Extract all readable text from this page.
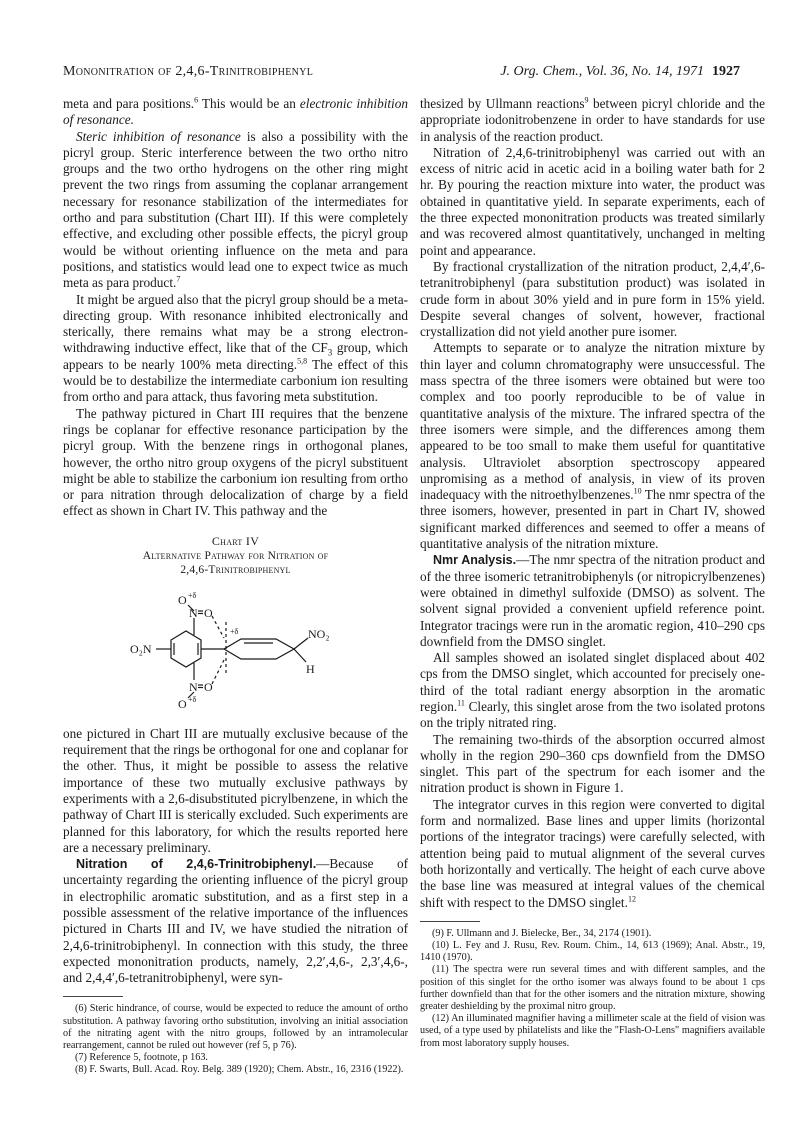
Mononitration of 2,4,6-Trinitrobiphenyl	J. Org. Chem., Vol. 36, No. 14, 1971 1927

meta and para positions.$^6$ This would be an electronic inhibition of resonance.

Steric inhibition of resonance is also a possibility with the picryl group. Steric interference between the two ortho nitro groups and the two ortho hydrogens on the other ring might prevent the two rings from assuming the coplanar arrangement necessary for resonance stabilization of the intermediates for ortho and para substitution (Chart III). If this were completely effective, and excluding other possible effects, the picryl group would be without orienting influence on the meta and para positions, and statistics would lead one to expect twice as much meta as para product.$^7$

It might be argued also that the picryl group should be a meta-directing group. With resonance inhibited electronically and sterically, there remains what may be a strong electron-withdrawing inductive effect, like that of the $CF_3$ group, which appears to be nearly 100% meta directing.$^{5,8}$ The effect of this would be to destabilize the intermediate carbonium ion resulting from ortho and para attack, thus favoring meta substitution.

The pathway pictured in Chart III requires that the benzene rings be coplanar for effective resonance participation by the picryl group. With the benzene rings in orthogonal planes, however, the ortho nitro group oxygens of the picryl substituent might be able to stabilize the carbonium ion resulting from ortho or para nitration through delocalization of charge by a field effect as shown in Chart IV. This pathway and the

Chart IV
Alternative Pathway for Nitration of
2,4,6-Trinitrobiphenyl
O +δ
N O
+δ
O₂N
NO₂
H
N O
O +δ

one pictured in Chart III are mutually exclusive because of the requirement that the rings be orthogonal for one and coplanar for the other. Thus, it might be possible to assess the relative importance of these two mutually exclusive pathways by experiments with a 2,6-disubstituted picrylbenzene, in which the pathway of Chart III is sterically excluded. Such experiments are planned for this laboratory, for which the results reported here are a necessary preliminary.

Nitration of 2,4,6-Trinitrobiphenyl.—Because of uncertainty regarding the orienting influence of the picryl group in electrophilic aromatic substitution, and as a first step in a possible assessment of the relative importance of the influences pictured in Charts III and IV, we have studied the nitration of 2,4,6-trinitrobiphenyl. In connection with this study, the three expected mononitration products, namely, 2,2′,4,6-, 2,3′,4,6-, and 2,4,4′,6-tetranitrobiphenyl, were syn-

(6) Steric hindrance, of course, would be expected to reduce the amount of ortho substitution. A pathway favoring ortho substitution, involving an initial association of the nitrating agent with the nitro groups, followed by an intramolecular rearrangement, cannot be ruled out however (ref 5, p 76).

(7) Reference 5, footnote, p 163.

(8) F. Swarts, Bull. Acad. Roy. Belg. 389 (1920); Chem. Abstr., 16, 2316 (1922).

thesized by Ullmann reactions$^9$ between picryl chloride and the appropriate iodonitrobenzene in order to have standards for use in analysis of the reaction product.

Nitration of 2,4,6-trinitrobiphenyl was carried out with an excess of nitric acid in acetic acid in a boiling water bath for 2 hr. By pouring the reaction mixture into water, the product was obtained in quantitative yield. In separate experiments, each of the three expected mononitration products was treated similarly and was recovered almost quantitatively, unchanged in melting point and appearance.

By fractional crystallization of the nitration product, 2,4,4′,6-tetranitrobiphenyl (para substitution product) was isolated in crude form in about 30% yield and in pure form in 15% yield. Despite several changes of solvent, however, fractional crystallization did not yield another pure isomer.

Attempts to separate or to analyze the nitration mixture by thin layer and column chromatography were unsuccessful. The mass spectra of the three isomers were obtained but were too complex and too poorly reproducible to be of value in quantitative analysis of the mixture. The infrared spectra of the three isomers were simple, and the differences among them appeared to be too small to make them useful for quantitative analysis. Ultraviolet absorption spectroscopy appeared unpromising as a method of analysis, in view of its proven inadequacy with the nitroethylbenzenes.$^{10}$ The nmr spectra of the three isomers, however, presented in part in Chart IV, showed significant marked differences and seemed to offer a means of quantitative analysis of the nitration mixture.

Nmr Analysis.—The nmr spectra of the nitration product and of the three isomeric tetranitrobiphenyls (or nitropicrylbenzenes) were obtained in dimethyl sulfoxide (DMSO) as solvent. The solvent signal provided a convenient upfield reference point. Integrator tracings were run in the aromatic region, 410–290 cps downfield from the DMSO singlet.

All samples showed an isolated singlet displaced about 402 cps from the DMSO singlet, which accounted for precisely one-third of the total radiant energy absorption in the aromatic region.$^{11}$ Clearly, this singlet arose from the two isolated protons on the triply nitrated ring.

The remaining two-thirds of the absorption occurred almost wholly in the region 290–360 cps downfield from the DMSO singlet. This part of the spectrum for each isomer and the nitration product is shown in Figure 1.

The integrator curves in this region were converted to digital form and normalized. Base lines and upper limits (horizontal portions of the integrator tracings) were carefully selected, with attention being paid to mutual alignment of the several curves both horizontally and vertically. The height of each curve above the base line was measured at integral values of the chemical shift with respect to the DMSO singlet.$^{12}$

(9) F. Ullmann and J. Bielecke, Ber., 34, 2174 (1901).

(10) L. Fey and J. Rusu, Rev. Roum. Chim., 14, 613 (1969); Anal. Abstr., 19, 1410 (1970).

(11) The spectra were run several times and with different samples, and the position of this singlet for the ortho isomer was always found to be about 1 cps further downfield than that for the other isomers and the nitration mixture, showing greater deshielding by the proximal nitro group.

(12) An illuminated magnifier having a millimeter scale at the field of vision was used, of a type used by philatelists and like the "Flash-O-Lens" magnifiers available from most laboratory supply houses.
